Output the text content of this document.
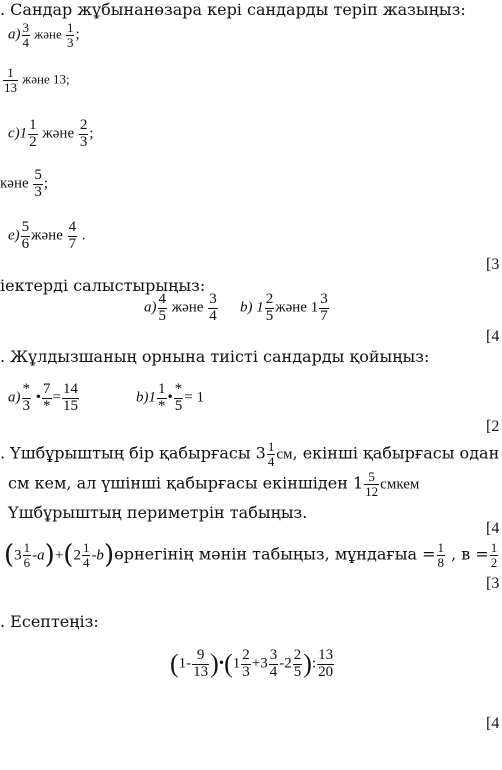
. Сандар жұбынанөзара кері сандарды теріп жазыңыз:
$a) \frac{3}{4}$ және $\frac{1}{3}$ ;
$\frac{1}{13}$ және 13;
$c)1 \frac{1}{2}$ және $\frac{2}{3}$ ;
кәне $\frac{5}{3}$ ;
$e) \frac{5}{6}$ және $\frac{4}{7}$ .
[3
іектерді салыстырыңыз:
$a) \frac{4}{5}$ және $\frac{3}{4} b$) $1 \frac{2}{5}$ және $1 \frac{3}{7}$
[4
. Жұлдызшаның орнына тиісті сандарды қойыңыз:
$a) \frac{*}{3}$ • $\frac{7}{*} = \frac{14}{15}$	$b)1 \frac{1}{*}$ • $\frac{*}{5} = 1$
[2
. Үшбұрыштың бір қабырғасы $3 \frac{1}{4}$ см, екінші қабырғасы одан
см кем, ал үшінші қабырғасы екіншіден $1 \frac{5}{12}$ смкем
Үшбұрыштың периметрін табыңыз.
[4
$(3 \frac{1}{6} -a)+(2 \frac{1}{4}$ -b)өрнегінің мәнін табыңыз, мұндағыа = $\frac{1}{8}$ , $в = \frac{1}{2}$
[3
. Есептеңіз:
($1- \frac{9}{13}$ )•(1 $\frac{2}{3} +3 \frac{3}{4} -2 \frac{2}{5}$ ): $\frac{13}{20}$
[4
